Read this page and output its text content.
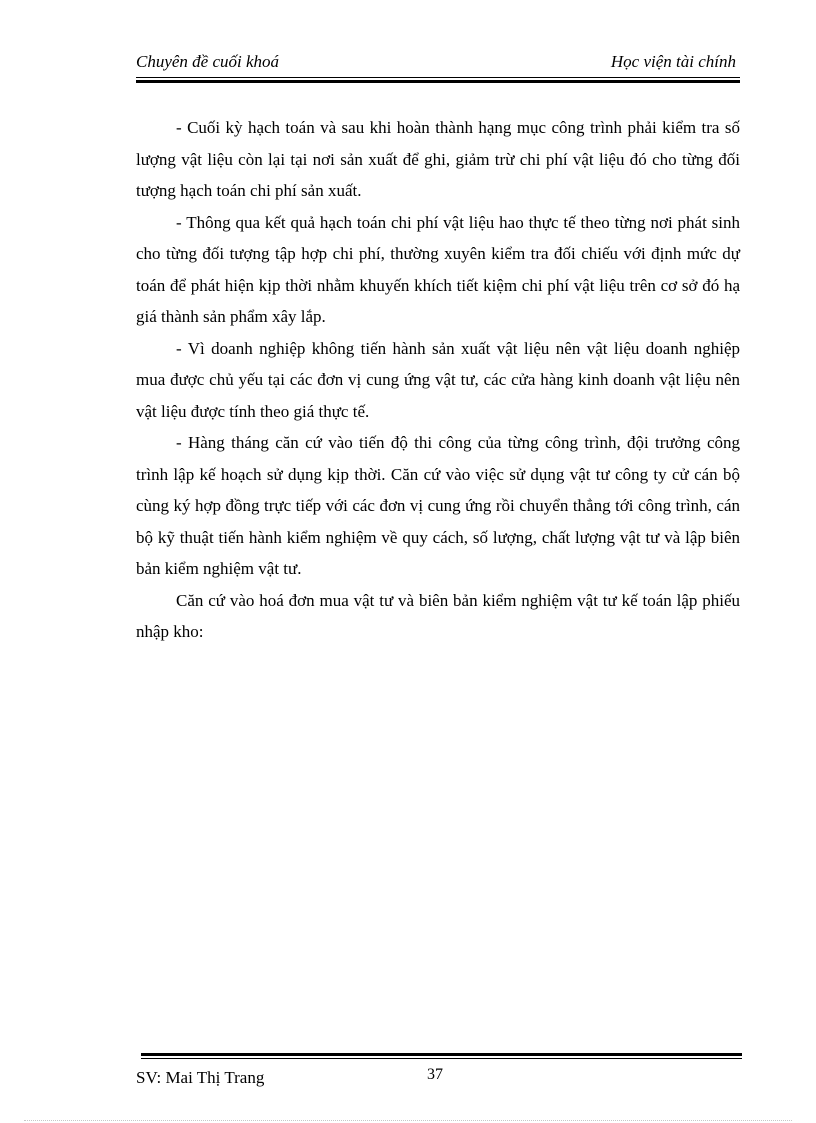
Chuyên đề cuối khoá	Học viện tài chính

- Cuối kỳ hạch toán và sau khi hoàn thành hạng mục công trình phải kiểm tra số lượng vật liệu còn lại tại nơi sản xuất để ghi, giảm trừ chi phí vật liệu đó cho từng đối tượng hạch toán chi phí sản xuất.

- Thông qua kết quả hạch toán chi phí vật liệu hao thực tế theo từng nơi phát sinh cho từng đối tượng tập hợp chi phí, thường xuyên kiểm tra đối chiếu với định mức dự toán để phát hiện kịp thời nhằm khuyến khích tiết kiệm chi phí vật liệu trên cơ sở đó hạ giá thành sản phẩm xây lắp.

- Vì doanh nghiệp không tiến hành sản xuất vật liệu nên vật liệu doanh nghiệp mua được chủ yếu tại các đơn vị cung ứng vật tư, các cửa hàng kinh doanh vật liệu nên vật liệu được tính theo giá thực tế.

- Hàng tháng căn cứ vào tiến độ thi công của từng công trình, đội trưởng công trình lập kế hoạch sử dụng kịp thời. Căn cứ vào việc sử dụng vật tư công ty cử cán bộ cùng ký hợp đồng trực tiếp với các đơn vị cung ứng rồi chuyển thẳng tới công trình, cán bộ kỹ thuật tiến hành kiểm nghiệm về quy cách, số lượng, chất lượng vật tư và lập biên bản kiểm nghiệm vật tư.

Căn cứ vào hoá đơn mua vật tư và biên bản kiểm nghiệm vật tư kế toán lập phiếu nhập kho:

SV: Mai Thị Trang	37
